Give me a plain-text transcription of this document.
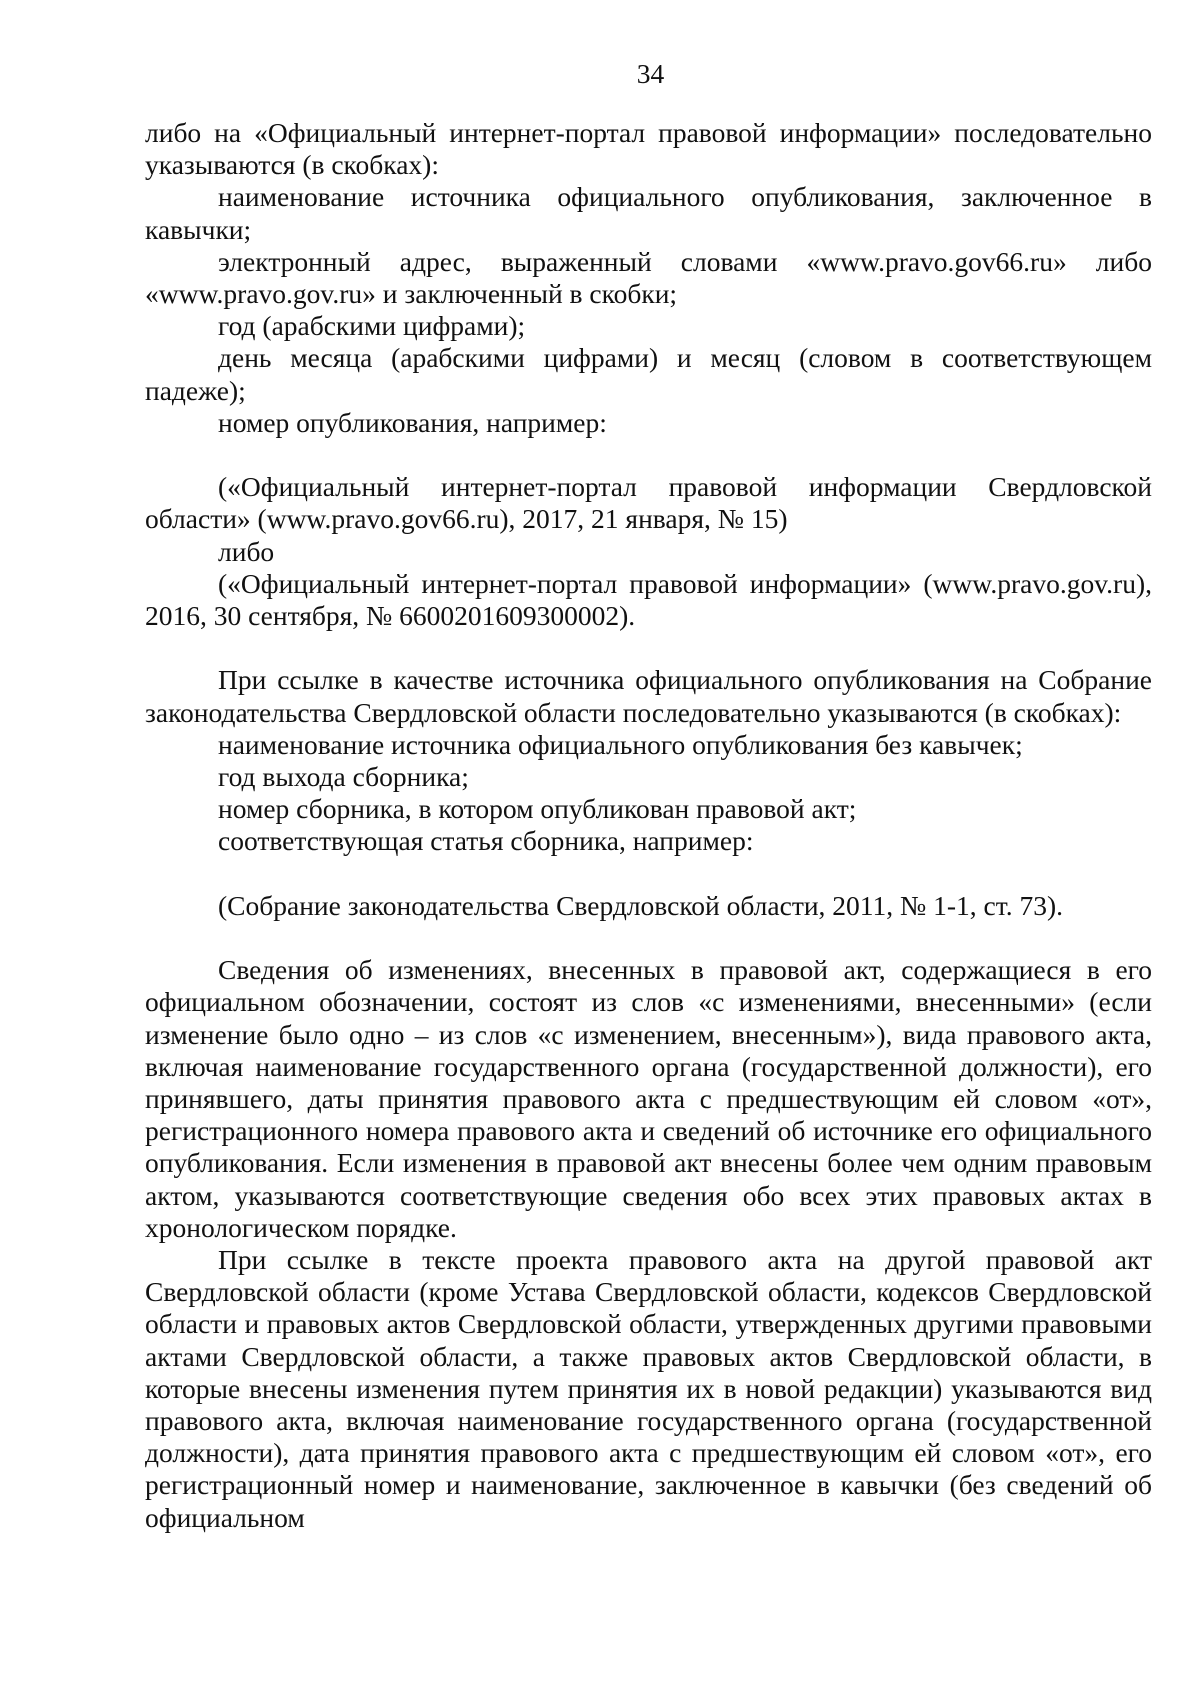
34

либо на «Официальный интернет-портал правовой информации» последовательно указываются (в скобках):

наименование источника официального опубликования, заключенное в кавычки;

электронный адрес, выраженный словами «www.pravo.gov66.ru» либо «www.pravo.gov.ru» и заключенный в скобки;

год (арабскими цифрами);

день месяца (арабскими цифрами) и месяц (словом в соответствующем падеже);

номер опубликования, например:

(«Официальный интернет-портал правовой информации Свердловской области» (www.pravo.gov66.ru), 2017, 21 января, № 15)

либо

(«Официальный интернет-портал правовой информации» (www.pravo.gov.ru), 2016, 30 сентября, № 6600201609300002).

При ссылке в качестве источника официального опубликования на Собрание законодательства Свердловской области последовательно указываются (в скобках):

наименование источника официального опубликования без кавычек;

год выхода сборника;

номер сборника, в котором опубликован правовой акт;

соответствующая статья сборника, например:

(Собрание законодательства Свердловской области, 2011, № 1-1, ст. 73).

Сведения об изменениях, внесенных в правовой акт, содержащиеся в его официальном обозначении, состоят из слов «с изменениями, внесенными» (если изменение было одно – из слов «с изменением, внесенным»), вида правового акта, включая наименование государственного органа (государственной должности), его принявшего, даты принятия правового акта с предшествующим ей словом «от», регистрационного номера правового акта и сведений об источнике его официального опубликования. Если изменения в правовой акт внесены более чем одним правовым актом, указываются соответствующие сведения обо всех этих правовых актах в хронологическом порядке.

При ссылке в тексте проекта правового акта на другой правовой акт Свердловской области (кроме Устава Свердловской области, кодексов Свердловской области и правовых актов Свердловской области, утвержденных другими правовыми актами Свердловской области, а также правовых актов Свердловской области, в которые внесены изменения путем принятия их в новой редакции) указываются вид правового акта, включая наименование государственного органа (государственной должности), дата принятия правового акта с предшествующим ей словом «от», его регистрационный номер и наименование, заключенное в кавычки (без сведений об официальном
